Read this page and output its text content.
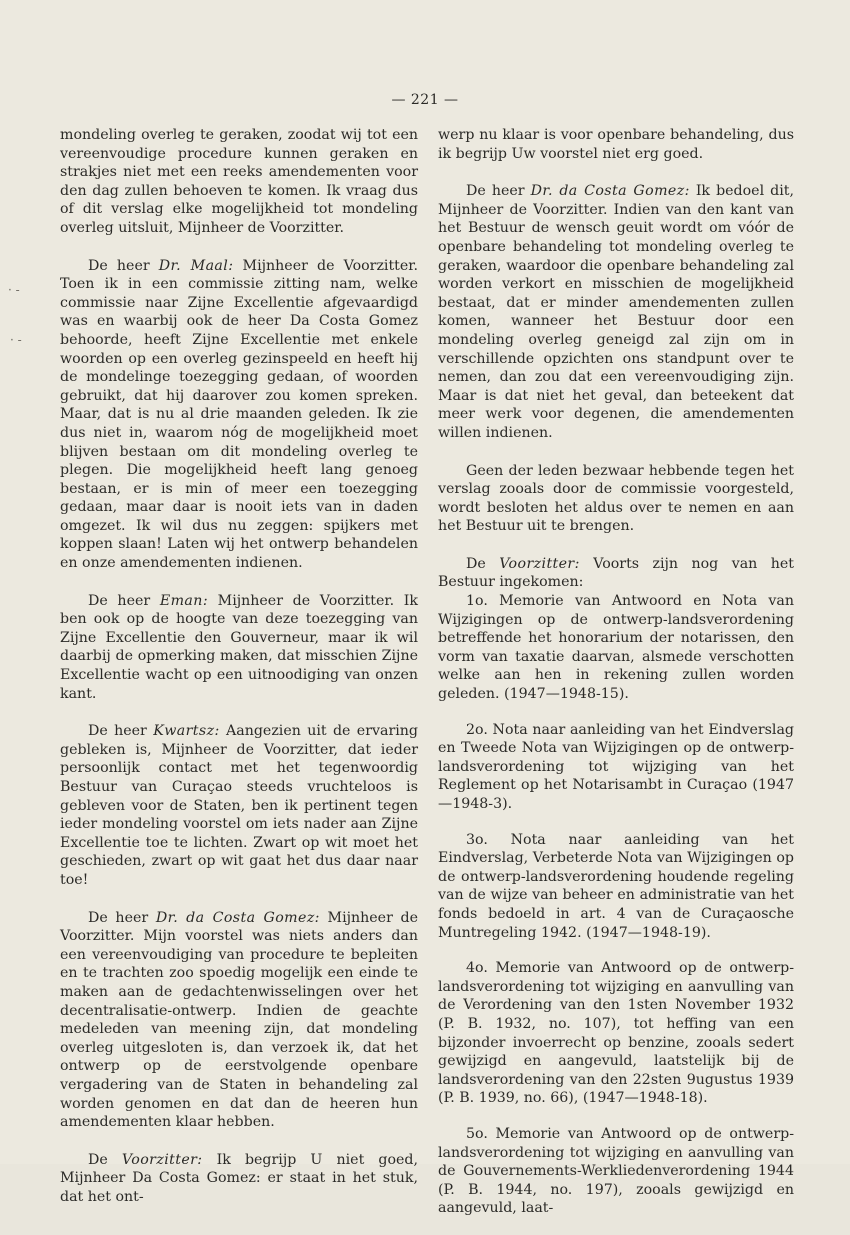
— 221 —
‧ ‐
‧ ‑

mondeling overleg te geraken, zoodat wij tot een vereenvoudige procedure kunnen geraken en strakjes niet met een reeks amendementen voor den dag zullen behoeven te komen. Ik vraag dus of dit verslag elke mogelijkheid tot mondeling overleg uitsluit, Mijnheer de Voorzitter.

De heer Dr. Maal: Mijnheer de Voorzitter. Toen ik in een commissie zitting nam, welke commissie naar Zijne Excellentie afgevaardigd was en waarbij ook de heer Da Costa Gomez behoorde, heeft Zijne Excellentie met enkele woorden op een overleg gezinspeeld en heeft hij de mondelinge toezegging gedaan, of woorden gebruikt, dat hij daarover zou komen spreken. Maar, dat is nu al drie maanden geleden. Ik zie dus niet in, waarom nóg de mogelijkheid moet blijven bestaan om dit mondeling overleg te plegen. Die mogelijkheid heeft lang genoeg bestaan, er is min of meer een toezegging gedaan, maar daar is nooit iets van in daden omgezet. Ik wil dus nu zeggen: spijkers met koppen slaan! Laten wij het ontwerp behandelen en onze amendementen indienen.

De heer Eman: Mijnheer de Voorzitter. Ik ben ook op de hoogte van deze toezegging van Zijne Excellentie den Gouverneur, maar ik wil daarbij de opmerking maken, dat misschien Zijne Excellentie wacht op een uitnoodiging van onzen kant.

De heer Kwartsz: Aangezien uit de ervaring gebleken is, Mijnheer de Voorzitter, dat ieder persoonlijk contact met het tegenwoordig Bestuur van Curaçao steeds vruchteloos is gebleven voor de Staten, ben ik pertinent tegen ieder mondeling voorstel om iets nader aan Zijne Excellentie toe te lichten. Zwart op wit moet het geschieden, zwart op wit gaat het dus daar naar toe!

De heer Dr. da Costa Gomez: Mijnheer de Voorzitter. Mijn voorstel was niets anders dan een vereenvoudiging van procedure te bepleiten en te trachten zoo spoedig mogelijk een einde te maken aan de gedachtenwisselingen over het decentralisatie-ontwerp. Indien de geachte medeleden van meening zijn, dat mondeling overleg uitgesloten is, dan verzoek ik, dat het ontwerp op de eerstvolgende openbare vergadering van de Staten in behandeling zal worden genomen en dat dan de heeren hun amendementen klaar hebben.

De Voorzitter: Ik begrijp U niet goed, Mijnheer Da Costa Gomez: er staat in het stuk, dat het ont-

werp nu klaar is voor openbare behandeling, dus ik begrijp Uw voorstel niet erg goed.

De heer Dr. da Costa Gomez: Ik bedoel dit, Mijnheer de Voorzitter. Indien van den kant van het Bestuur de wensch geuit wordt om vóór de openbare behandeling tot mondeling overleg te geraken, waardoor die openbare behandeling zal worden verkort en misschien de mogelijkheid bestaat, dat er minder amendementen zullen komen, wanneer het Bestuur door een mondeling overleg geneigd zal zijn om in verschillende opzichten ons standpunt over te nemen, dan zou dat een vereenvoudiging zijn. Maar is dat niet het geval, dan beteekent dat meer werk voor degenen, die amendementen willen indienen.

Geen der leden bezwaar hebbende tegen het verslag zooals door de commissie voorgesteld, wordt besloten het aldus over te nemen en aan het Bestuur uit te brengen.

De Voorzitter: Voorts zijn nog van het Bestuur ingekomen:

1o. Memorie van Antwoord en Nota van Wijzigingen op de ontwerp-landsverordening betreffende het honorarium der notarissen, den vorm van taxatie daarvan, alsmede verschotten welke aan hen in rekening zullen worden geleden. (1947—1948-15).

2o. Nota naar aanleiding van het Eindverslag en Tweede Nota van Wijzigingen op de ontwerp-landsverordening tot wijziging van het Reglement op het Notarisambt in Curaçao (1947—1948-3).

3o. Nota naar aanleiding van het Eindverslag, Verbeterde Nota van Wijzigingen op de ontwerp-landsverordening houdende regeling van de wijze van beheer en administratie van het fonds bedoeld in art. 4 van de Curaçaosche Muntregeling 1942. (1947—1948-19).

4o. Memorie van Antwoord op de ontwerp-landsverordening tot wijziging en aanvulling van de Verordening van den 1sten November 1932 (P. B. 1932, no. 107), tot heffing van een bijzonder invoerrecht op benzine, zooals sedert gewijzigd en aangevuld, laatstelijk bij de landsverordening van den 22sten 9ugustus 1939 (P. B. 1939, no. 66), (1947—1948-18).

5o. Memorie van Antwoord op de ontwerp-landsverordening tot wijziging en aanvulling van de Gouvernements-Werkliedenverordening 1944 (P. B. 1944, no. 197), zooals gewijzigd en aangevuld, laat-
